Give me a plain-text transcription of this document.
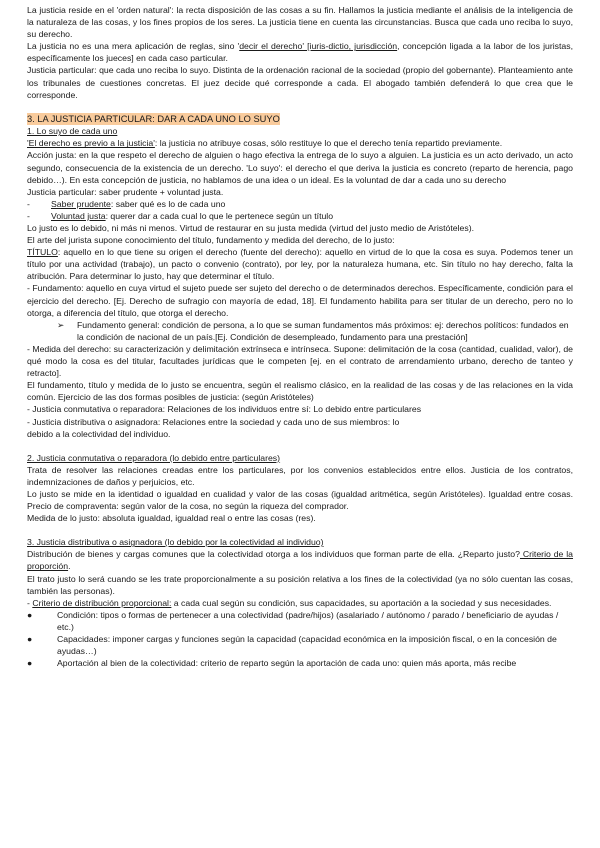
La justicia reside en el 'orden natural': la recta disposición de las cosas a su fin. Hallamos la justicia mediante el análisis de la inteligencia de la naturaleza de las cosas, y los fines propios de los seres. La justicia tiene en cuenta las circunstancias. Busca que cada uno reciba lo suyo, su derecho.

La justicia no es una mera aplicación de reglas, sino 'decir el derecho' [iuris-dictio, jurisdicción, concepción ligada a la labor de los juristas, específicamente los jueces] en cada caso particular.

Justicia particular: que cada uno reciba lo suyo. Distinta de la ordenación racional de la sociedad (propio del gobernante). Planteamiento ante los tribunales de cuestiones concretas. El juez decide qué corresponde a cada. El abogado también defenderá lo que crea que le corresponde.

3. LA JUSTICIA PARTICULAR: DAR A CADA UNO LO SUYO

1. Lo suyo de cada uno

'El derecho es previo a la justicia': la justicia no atribuye cosas, sólo restituye lo que el derecho tenía repartido previamente.

Acción justa: en la que respeto el derecho de alguien o hago efectiva la entrega de lo suyo a alguien. La justicia es un acto derivado, un acto segundo, consecuencia de la existencia de un derecho. 'Lo suyo': el derecho el que deriva la justicia es concreto (reparto de herencia, pago debido…). En esta concepción de justicia, no hablamos de una idea o un ideal. Es la voluntad de dar a cada uno su derecho

Justicia particular: saber prudente + voluntad justa.

-	Saber prudente: saber qué es lo de cada uno
-	Voluntad justa: querer dar a cada cual lo que le pertenece según un título

Lo justo es lo debido, ni más ni menos. Virtud de restaurar en su justa medida (virtud del justo medio de Aristóteles).

El arte del jurista supone conocimiento del título, fundamento y medida del derecho, de lo justo:

TÍTULO: aquello en lo que tiene su origen el derecho (fuente del derecho): aquello en virtud de lo que la cosa es suya. Podemos tener un título por una actividad (trabajo), un pacto o convenio (contrato), por ley, por la naturaleza humana, etc. Sin título no hay derecho, falta la atribución. Para determinar lo justo, hay que determinar el título.

- Fundamento: aquello en cuya virtud el sujeto puede ser sujeto del derecho o de determinados derechos. Específicamente, condición para el ejercicio del derecho. [Ej. Derecho de sufragio con mayoría de edad, 18]. El fundamento habilita para ser titular de un derecho, pero no lo otorga, a diferencia del título, que otorga el derecho.

➢	Fundamento general: condición de persona, a lo que se suman fundamentos más próximos: ej: derechos políticos: fundados en la condición de nacional de un país.[Ej. Condición de desempleado, fundamento para una prestación]

- Medida del derecho: su caracterización y delimitación extrínseca e intrínseca. Supone: delimitación de la cosa (cantidad, cualidad, valor), de qué modo la cosa es del titular, facultades jurídicas que le competen [ej. en el contrato de arrendamiento urbano, derecho de tanteo y retracto].

El fundamento, título y medida de lo justo se encuentra, según el realismo clásico, en la realidad de las cosas y de las relaciones en la vida común. Ejercicio de las dos formas posibles de justicia: (según Aristóteles)

- Justicia conmutativa o reparadora: Relaciones de los individuos entre sí: Lo debido entre particulares

- Justicia distributiva o asignadora: Relaciones entre la sociedad y cada uno de sus miembros: lo

debido a la colectividad del individuo.

2. Justicia conmutativa o reparadora (lo debido entre particulares)

Trata de resolver las relaciones creadas entre los particulares, por los convenios establecidos entre ellos. Justicia de los contratos, indemnizaciones de daños y perjuicios, etc.

Lo justo se mide en la identidad o igualdad en cualidad y valor de las cosas (igualdad aritmética, según Aristóteles). Igualdad entre cosas. Precio de compraventa: según valor de la cosa, no según la riqueza del comprador.

Medida de lo justo: absoluta igualdad, igualdad real o entre las cosas (res).

3. Justicia distributiva o asignadora (lo debido por la colectividad al individuo)

Distribución de bienes y cargas comunes que la colectividad otorga a los individuos que forman parte de ella. ¿Reparto justo? Criterio de la proporción.

El trato justo lo será cuando se les trate proporcionalmente a su posición relativa a los fines de la colectividad (ya no sólo cuentan las cosas, también las personas).

- Criterio de distribución proporcional: a cada cual según su condición, sus capacidades, su aportación a la sociedad y sus necesidades.

●	Condición: tipos o formas de pertenecer a una colectividad (padre/hijos) (asalariado / autónomo / parado / beneficiario de ayudas / etc.)
●	Capacidades: imponer cargas y funciones según la capacidad (capacidad económica en la imposición fiscal, o en la concesión de ayudas…)
●	Aportación al bien de la colectividad: criterio de reparto según la aportación de cada uno: quien más aporta, más recibe
